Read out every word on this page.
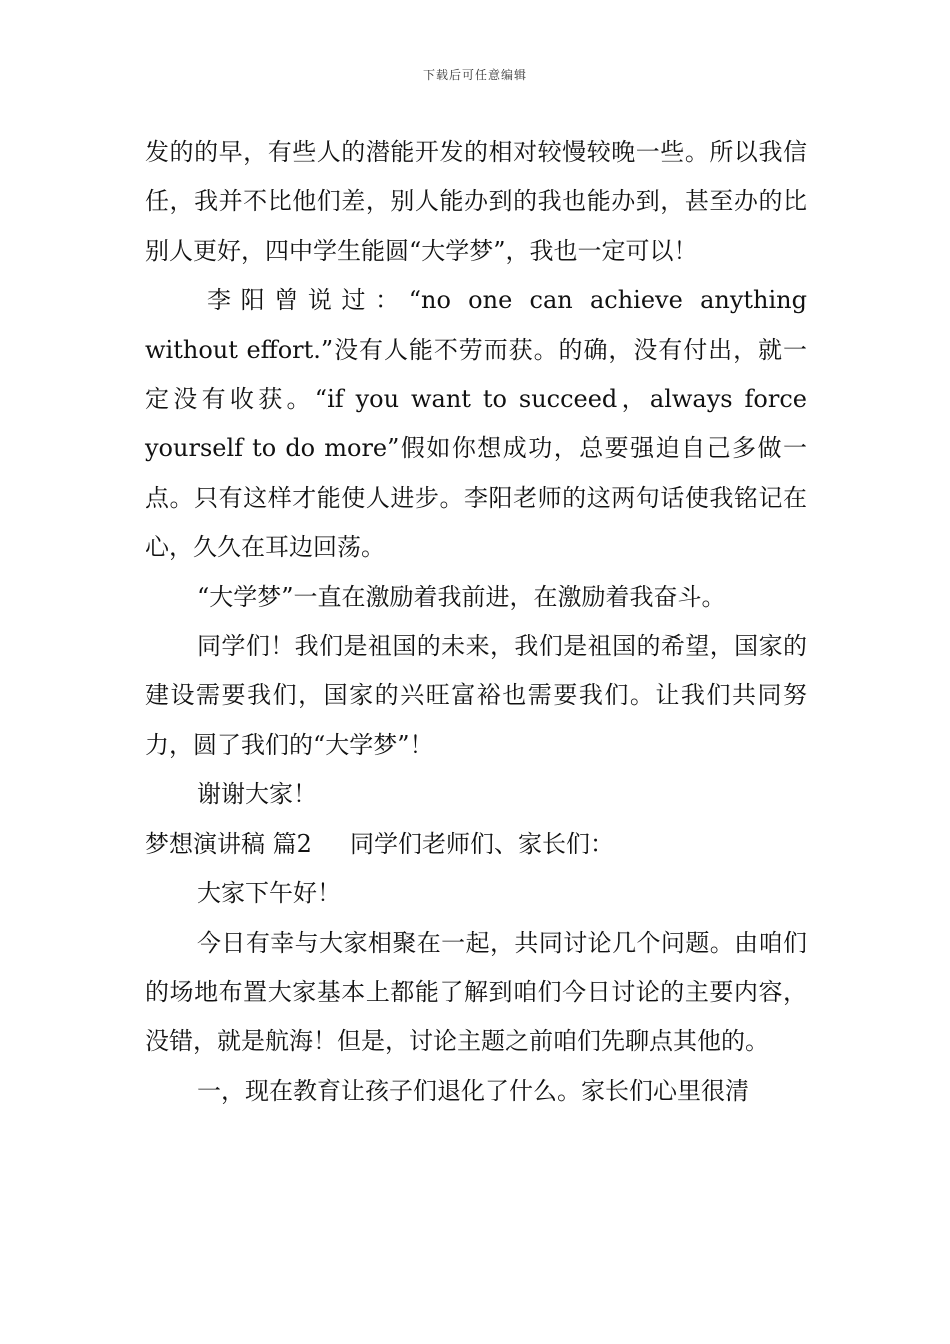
下载后可任意编辑

发的的早，有些人的潜能开发的相对较慢较晚一些。所以我信任，我并不比他们差，别人能办到的我也能办到，甚至办的比别人更好，四中学生能圆“大学梦”，我也一定可以！

李阳曾说过：“no one can achieve anything without effort.”没有人能不劳而获。的确，没有付出，就一定没有收获。“if you want to succeed，always force yourself to do more”假如你想成功，总要强迫自己多做一点。只有这样才能使人进步。李阳老师的这两句话使我铭记在心，久久在耳边回荡。

“大学梦”一直在激励着我前进，在激励着我奋斗。

同学们！我们是祖国的未来，我们是祖国的希望，国家的建设需要我们，国家的兴旺富裕也需要我们。让我们共同努力，圆了我们的“大学梦”！

谢谢大家！

梦想演讲稿 篇2     同学们老师们、家长们：

大家下午好！

今日有幸与大家相聚在一起，共同讨论几个问题。由咱们的场地布置大家基本上都能了解到咱们今日讨论的主要内容，没错，就是航海！但是，讨论主题之前咱们先聊点其他的。

一，现在教育让孩子们退化了什么。家长们心里很清
